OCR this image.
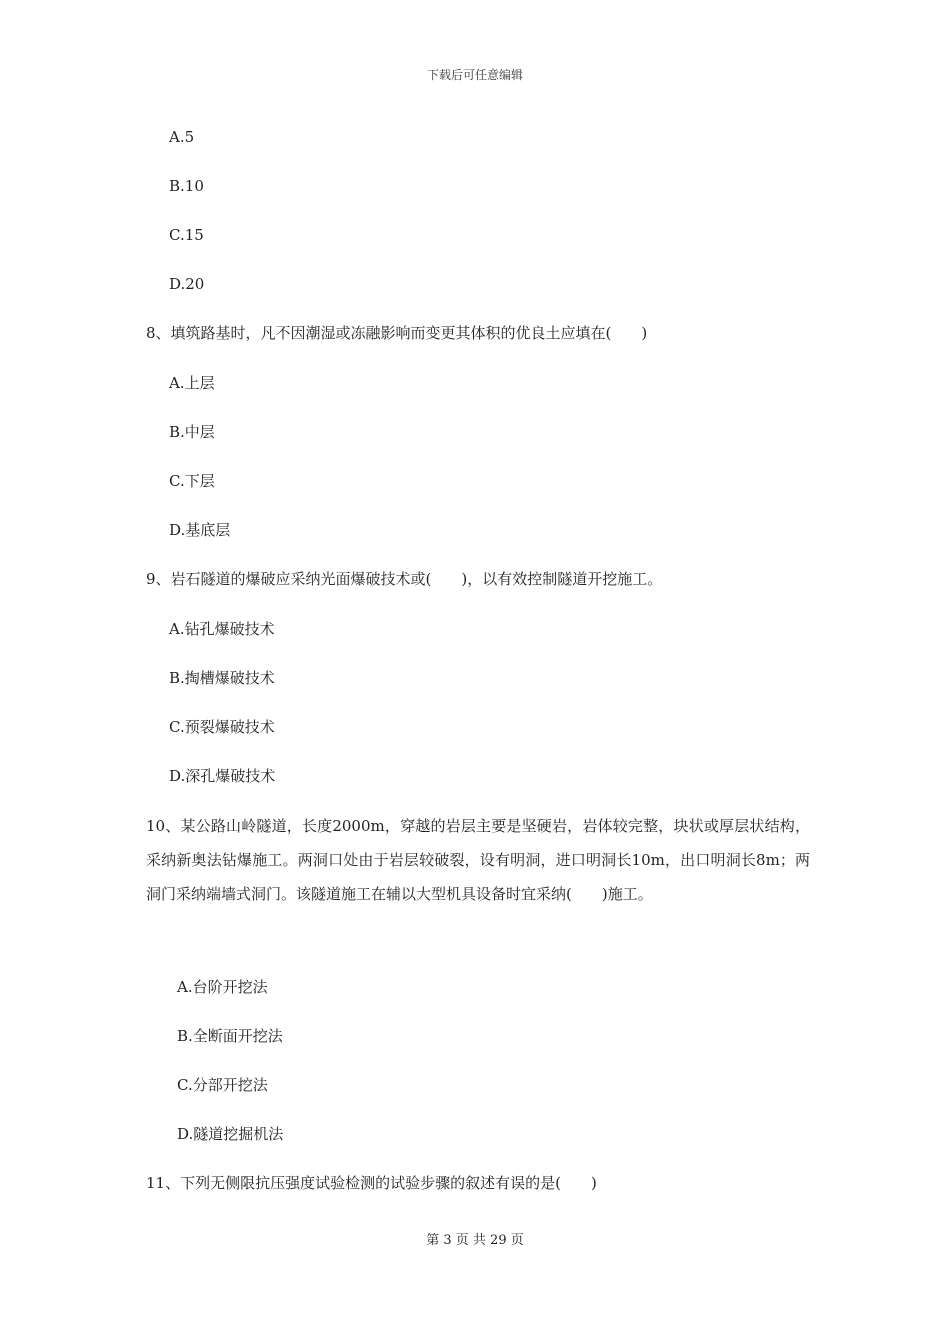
下载后可任意编辑
A.5
B.10
C.15
D.20
8、填筑路基时，凡不因潮湿或冻融影响而变更其体积的优良土应填在(　　)
A.上层
B.中层
C.下层
D.基底层
9、岩石隧道的爆破应采纳光面爆破技术或(　　)，以有效控制隧道开挖施工。
A.钻孔爆破技术
B.掏槽爆破技术
C.预裂爆破技术
D.深孔爆破技术
10、某公路山岭隧道，长度2000m，穿越的岩层主要是坚硬岩，岩体较完整，块状或厚层状结构，采纳新奥法钻爆施工。两洞口处由于岩层较破裂，设有明洞，进口明洞长10m，出口明洞长8m；两洞门采纳端墙式洞门。该隧道施工在辅以大型机具设备时宜采纳(　　)施工。
A.台阶开挖法
B.全断面开挖法
C.分部开挖法
D.隧道挖掘机法
11、下列无侧限抗压强度试验检测的试验步骤的叙述有误的是(　　)
第 3 页 共 29 页
